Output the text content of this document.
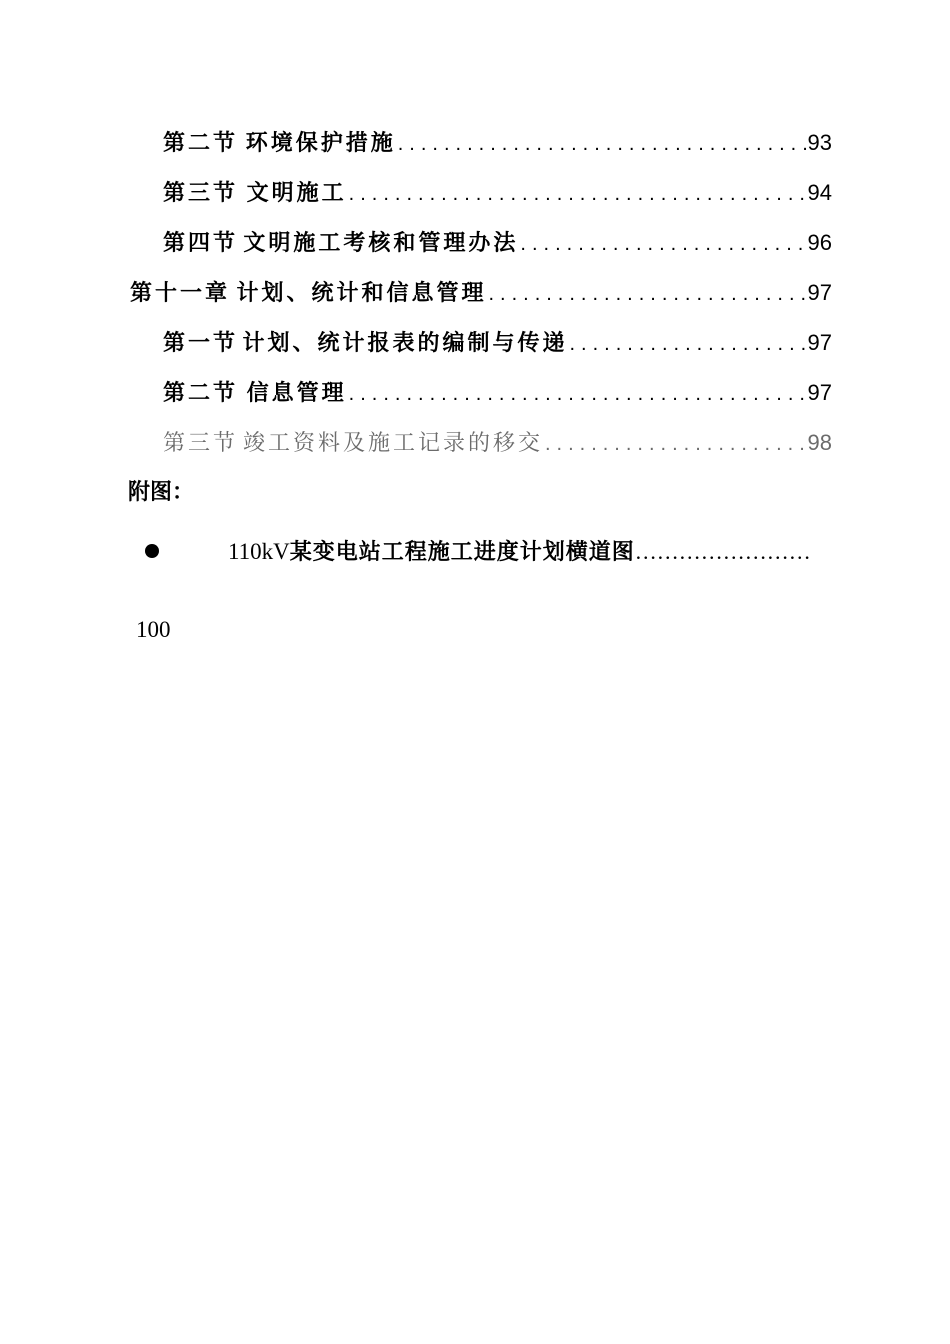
第二节 环境保护措施 .....	93
第三节 文明施工 .....	94
第四节 文明施工考核和管理办法 .....	96
第十一章 计划、统计和信息管理 .....	97
第一节 计划、统计报表的编制与传递 .....	97
第二节 信息管理 .....	97
第三节 竣工资料及施工记录的移交 .....	98
附图：
110kV某变电站工程施工进度计划横道图……………………
100
